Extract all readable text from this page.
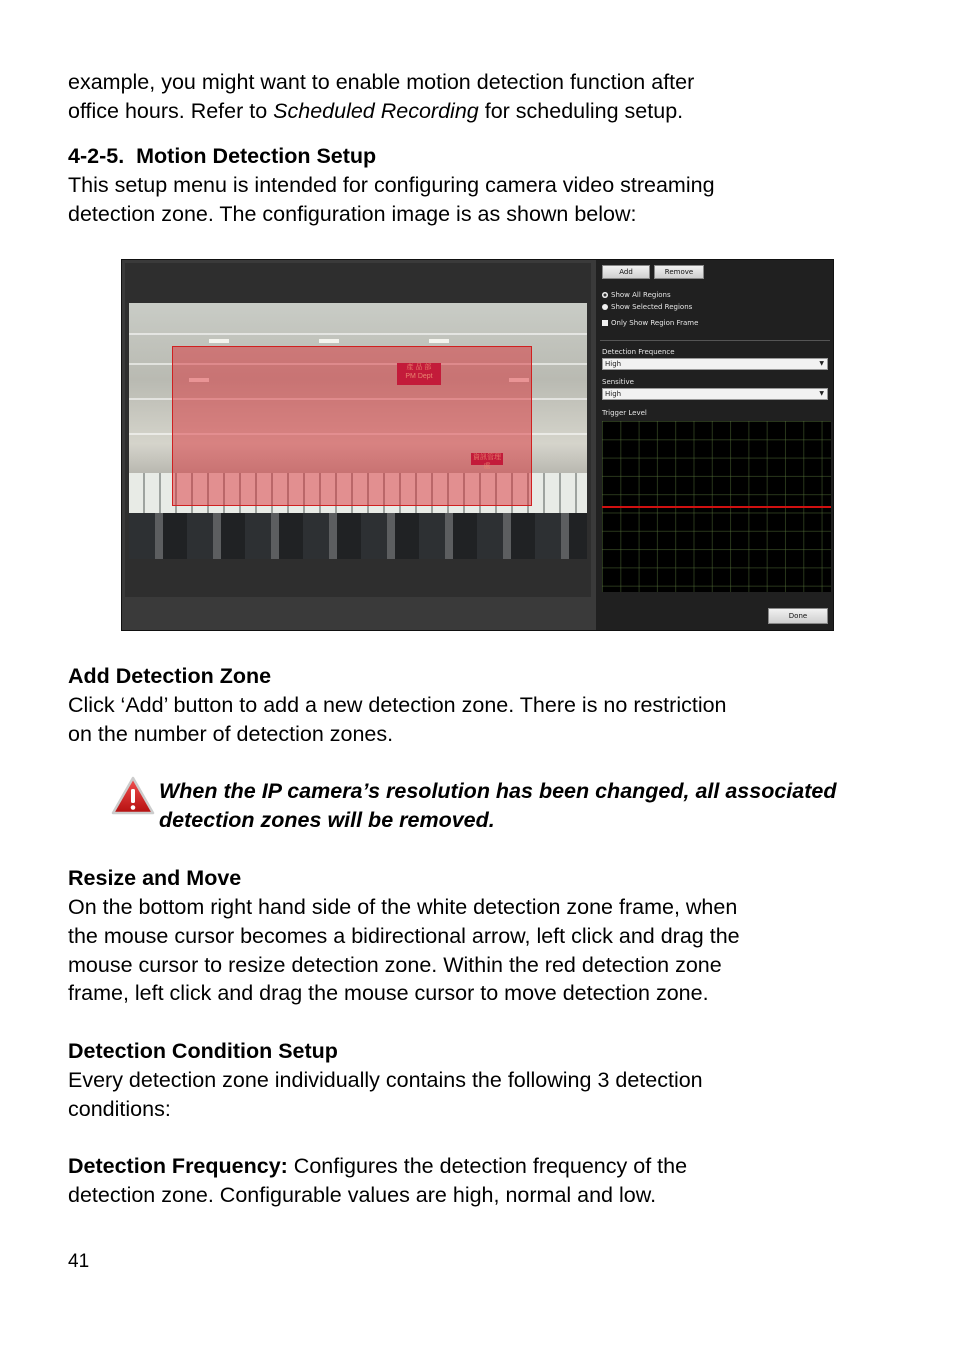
example, you might want to enable motion detection function after
office hours. Refer to Scheduled Recording for scheduling setup.

4-2-5. Motion Detection Setup

This setup menu is intended for configuring camera video streaming
detection zone. The configuration image is as shown below:

產 品 部
PM Dept
資訊管理處
Add	Remove
Show All Regions
Show Selected Regions
Only Show Region Frame
Detection Frequence
High	▼
Sensitive
High	▼
Trigger Level
Done

Add Detection Zone

Click ‘Add’ button to add a new detection zone. There is no restriction
on the number of detection zones.

When the IP camera’s resolution has been changed, all associated
detection zones will be removed.

Resize and Move

On the bottom right hand side of the white detection zone frame, when
the mouse cursor becomes a bidirectional arrow, left click and drag the
mouse cursor to resize detection zone. Within the red detection zone
frame, left click and drag the mouse cursor to move detection zone.

Detection Condition Setup

Every detection zone individually contains the following 3 detection
conditions:

Detection Frequency: Configures the detection frequency of the
detection zone. Configurable values are high, normal and low.

41
